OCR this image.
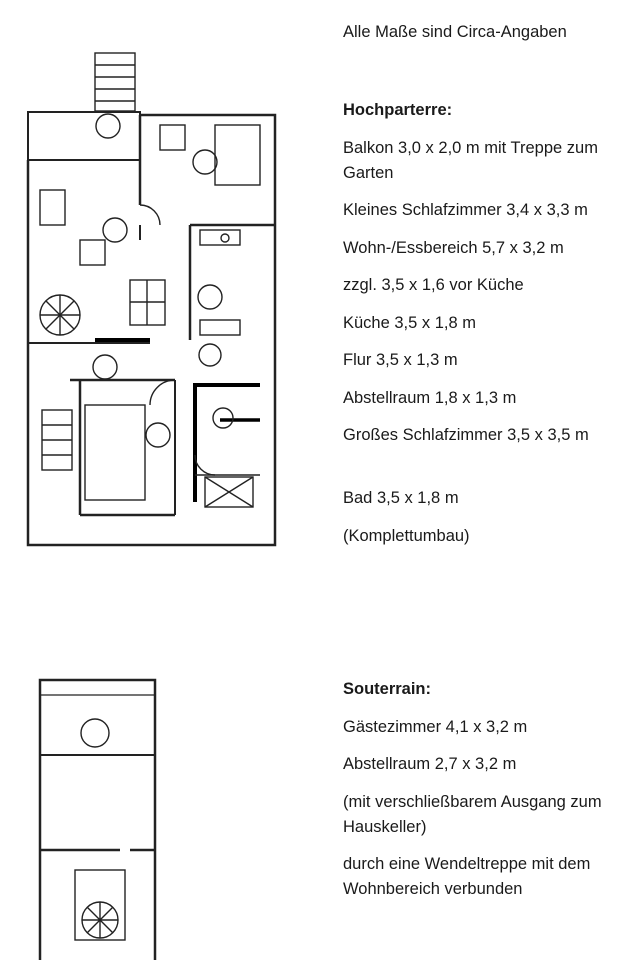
Alle Maße sind Circa-Angaben
Hochparterre:
Balkon 3,0 x 2,0 m mit Treppe zum Garten
Kleines Schlafzimmer 3,4 x 3,3 m
Wohn-/Essbereich 5,7 x 3,2 m
zzgl. 3,5 x 1,6 vor Küche
Küche 3,5 x 1,8 m
Flur 3,5 x 1,3 m
Abstellraum 1,8 x 1,3 m
Großes Schlafzimmer 3,5 x 3,5 m
Bad 3,5 x 1,8 m
(Komplettumbau)
Souterrain:
Gästezimmer 4,1 x 3,2 m
Abstellraum 2,7 x 3,2 m
(mit verschließbarem Ausgang zum Hauskeller)
durch eine Wendeltreppe mit dem Wohnbereich verbunden
